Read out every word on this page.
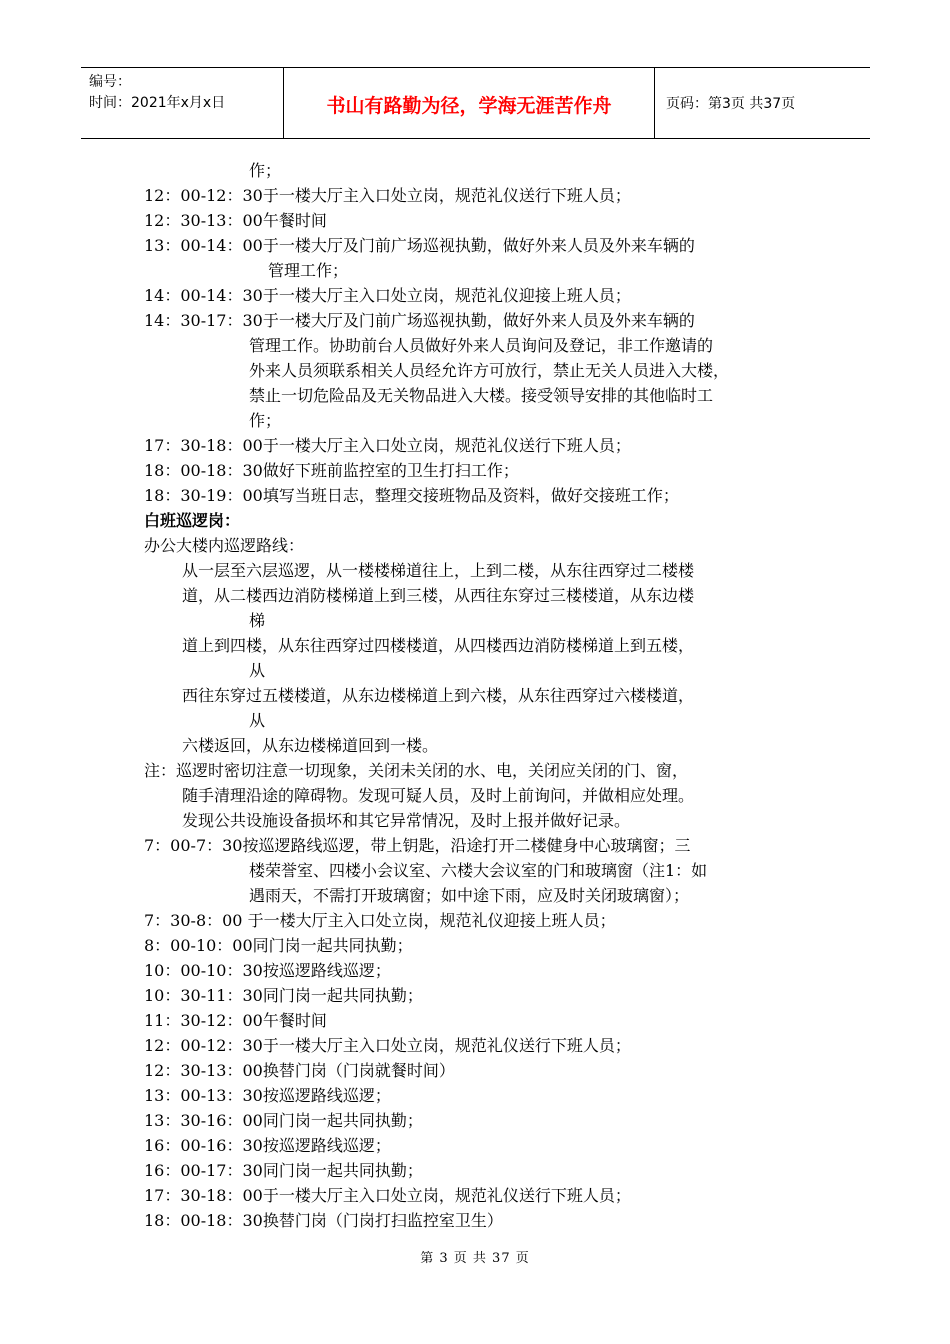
编号：
时间：2021年x月x日	书山有路勤为径，学海无涯苦作舟	页码：第3页 共37页
作；
12：00-12：30于一楼大厅主入口处立岗，规范礼仪送行下班人员；
12：30-13：00午餐时间
13：00-14：00于一楼大厅及门前广场巡视执勤，做好外来人员及外来车辆的
管理工作；
14：00-14：30于一楼大厅主入口处立岗，规范礼仪迎接上班人员；
14：30-17：30于一楼大厅及门前广场巡视执勤，做好外来人员及外来车辆的
管理工作。协助前台人员做好外来人员询问及登记，非工作邀请的
外来人员须联系相关人员经允许方可放行，禁止无关人员进入大楼，
禁止一切危险品及无关物品进入大楼。接受领导安排的其他临时工
作；
17：30-18：00于一楼大厅主入口处立岗，规范礼仪送行下班人员；
18：00-18：30做好下班前监控室的卫生打扫工作；
18：30-19：00填写当班日志，整理交接班物品及资料，做好交接班工作；
白班巡逻岗：
办公大楼内巡逻路线：
从一层至六层巡逻，从一楼楼梯道往上，上到二楼，从东往西穿过二楼楼
道，从二楼西边消防楼梯道上到三楼，从西往东穿过三楼楼道，从东边楼
梯
道上到四楼，从东往西穿过四楼楼道，从四楼西边消防楼梯道上到五楼，
从
西往东穿过五楼楼道，从东边楼梯道上到六楼，从东往西穿过六楼楼道，
从
六楼返回，从东边楼梯道回到一楼。
注：巡逻时密切注意一切现象，关闭未关闭的水、电，关闭应关闭的门、窗，
随手清理沿途的障碍物。发现可疑人员，及时上前询问，并做相应处理。
发现公共设施设备损坏和其它异常情况，及时上报并做好记录。
7：00-7：30按巡逻路线巡逻，带上钥匙，沿途打开二楼健身中心玻璃窗；三
楼荣誉室、四楼小会议室、六楼大会议室的门和玻璃窗（注1：如
遇雨天，不需打开玻璃窗；如中途下雨，应及时关闭玻璃窗）；
7：30-8：00 于一楼大厅主入口处立岗，规范礼仪迎接上班人员；
8：00-10：00同门岗一起共同执勤；
10：00-10：30按巡逻路线巡逻；
10：30-11：30同门岗一起共同执勤；
11：30-12：00午餐时间
12：00-12：30于一楼大厅主入口处立岗，规范礼仪送行下班人员；
12：30-13：00换替门岗（门岗就餐时间）
13：00-13：30按巡逻路线巡逻；
13：30-16：00同门岗一起共同执勤；
16：00-16：30按巡逻路线巡逻；
16：00-17：30同门岗一起共同执勤；
17：30-18：00于一楼大厅主入口处立岗，规范礼仪送行下班人员；
18：00-18：30换替门岗（门岗打扫监控室卫生）
第 3 页 共 37 页
